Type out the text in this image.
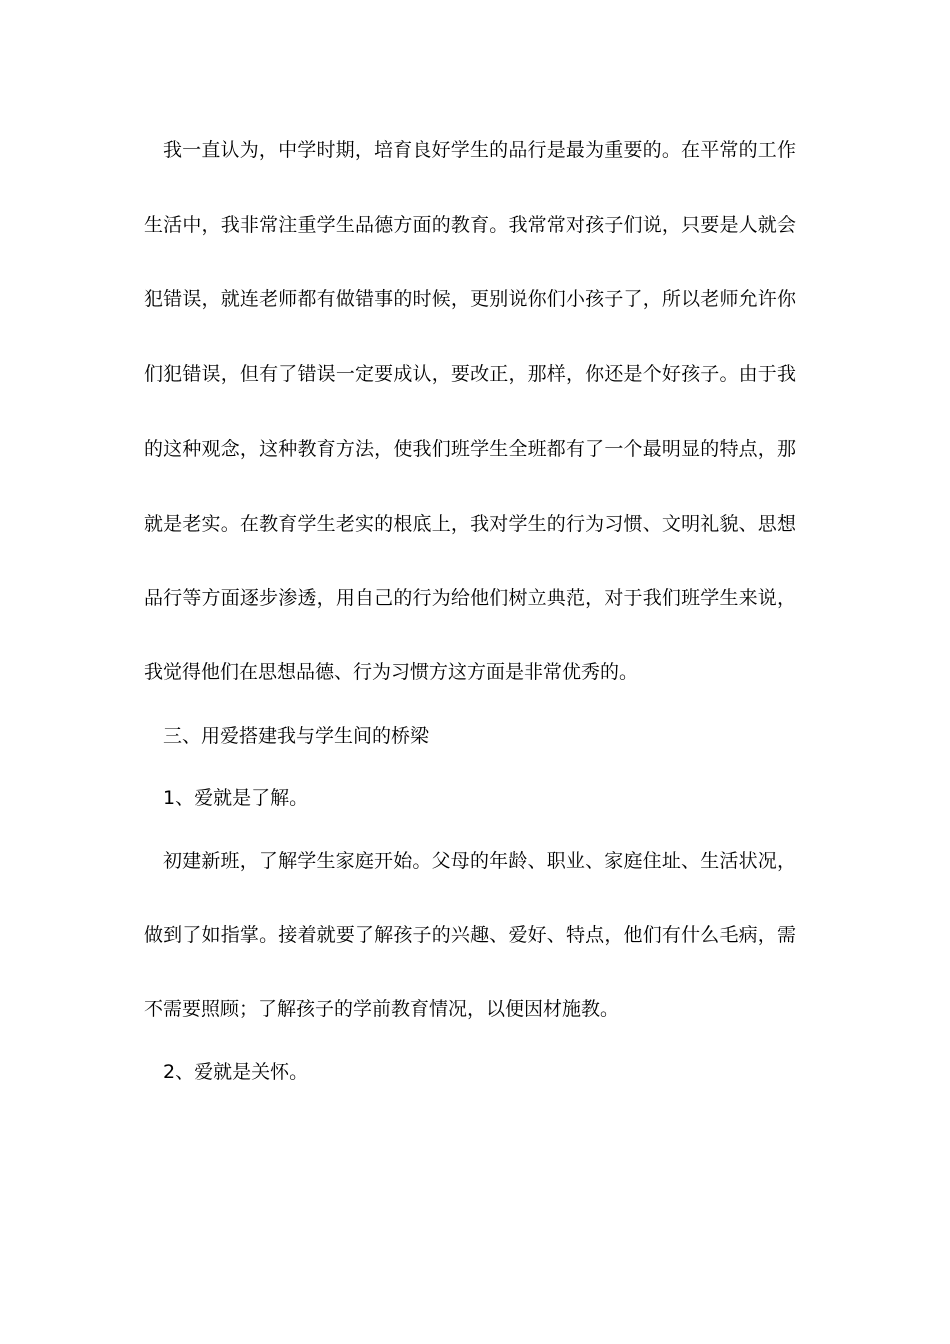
我一直认为，中学时期，培育良好学生的品行是最为重要的。在平常的工作
生活中，我非常注重学生品德方面的教育。我常常对孩子们说，只要是人就会
犯错误，就连老师都有做错事的时候，更别说你们小孩子了，所以老师允许你
们犯错误，但有了错误一定要成认，要改正，那样，你还是个好孩子。由于我
的这种观念，这种教育方法，使我们班学生全班都有了一个最明显的特点，那
就是老实。在教育学生老实的根底上，我对学生的行为习惯、文明礼貌、思想
品行等方面逐步渗透，用自己的行为给他们树立典范，对于我们班学生来说，
我觉得他们在思想品德、行为习惯方这方面是非常优秀的。
三、用爱搭建我与学生间的桥梁
1、爱就是了解。
初建新班，了解学生家庭开始。父母的年龄、职业、家庭住址、生活状况，
做到了如指掌。接着就要了解孩子的兴趣、爱好、特点，他们有什么毛病，需
不需要照顾；了解孩子的学前教育情况，以便因材施教。
2、爱就是关怀。
